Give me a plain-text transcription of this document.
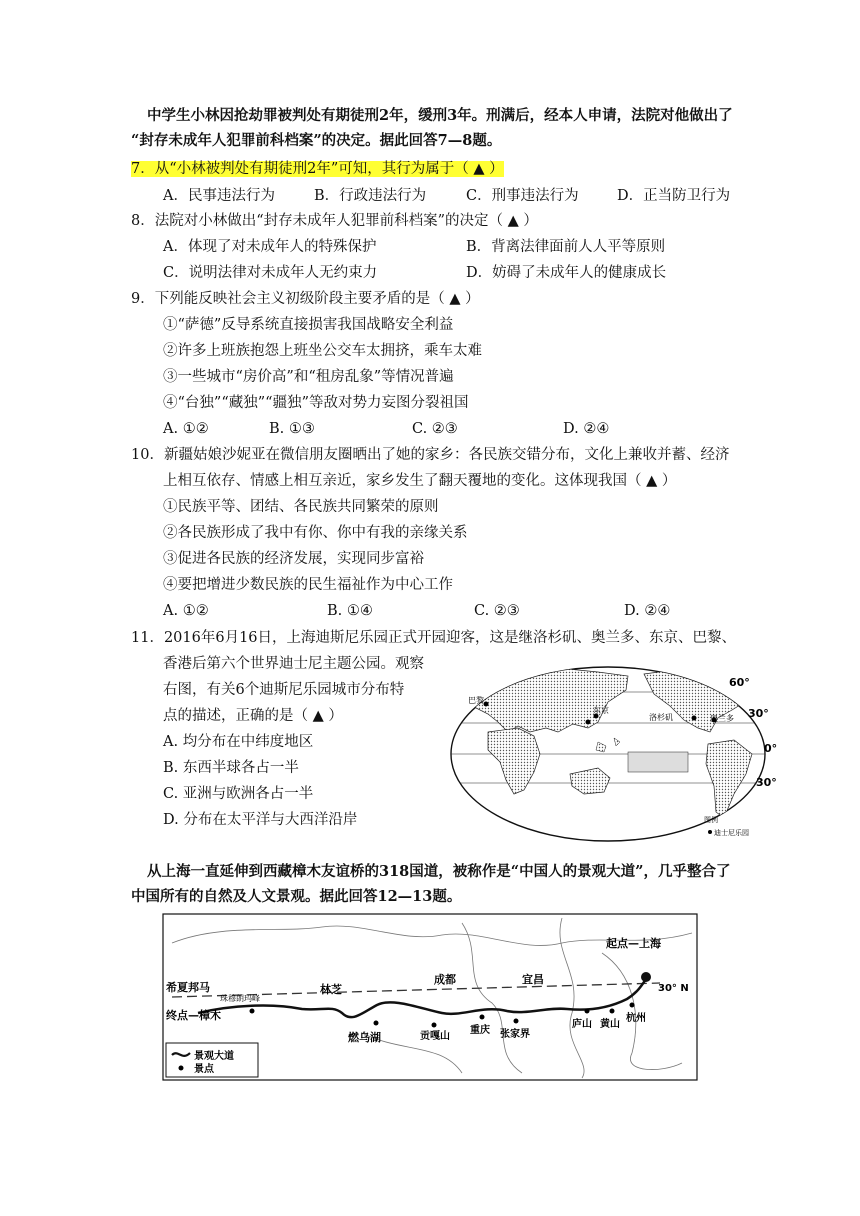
中学生小林因抢劫罪被判处有期徒刑2年，缓刑3年。刑满后，经本人申请，法院对他做出了
“封存未成年人犯罪前科档案”的决定。据此回答7—8题。
7．从“小林被判处有期徒刑2年”可知，其行为属于（ ▲ ）
A．民事违法行为	B．行政违法行为	C．刑事违法行为	D．正当防卫行为
8．法院对小林做出“封存未成年人犯罪前科档案”的决定（ ▲ ）
A．体现了对未成年人的特殊保护	B．背离法律面前人人平等原则
C．说明法律对未成年人无约束力	D．妨碍了未成年人的健康成长
9．下列能反映社会主义初级阶段主要矛盾的是（ ▲ ）
①“萨德”反导系统直接损害我国战略安全利益
②许多上班族抱怨上班坐公交车太拥挤，乘车太难
③一些城市“房价高”和“租房乱象”等情况普遍
④“台独”“藏独”“疆独”等敌对势力妄图分裂祖国
A. ①②	B. ①③	C. ②③	D. ②④
10．新疆姑娘沙妮亚在微信朋友圈晒出了她的家乡：各民族交错分布，文化上兼收并蓄、经济
上相互依存、情感上相互亲近，家乡发生了翻天覆地的变化。这体现我国（ ▲ ）
①民族平等、团结、各民族共同繁荣的原则
②各民族形成了我中有你、你中有我的亲缘关系
③促进各民族的经济发展，实现同步富裕
④要把增进少数民族的民生福祉作为中心工作
A. ①②	B. ①④	C. ②③	D. ②④
11．2016年6月16日，上海迪斯尼乐园正式开园迎客，这是继洛杉矶、奥兰多、东京、巴黎、
香港后第六个世界迪士尼主题公园。观察
右图，有关6个迪斯尼乐园城市分布特
点的描述，正确的是（ ▲ ）
A. 均分布在中纬度地区
B. 东西半球各占一半
C. 亚洲与欧洲各占一半
D. 分布在太平洋与大西洋沿岸
巴黎
东京
洛杉矶	奥兰多
60°
30°
0°
30°
图例
迪士尼乐园
从上海一直延伸到西藏樟木友谊桥的318国道，被称作是“中国人的景观大道”，几乎整合了
中国所有的自然及人文景观。据此回答12—13题。
希夏邦马
珠穆朗玛峰
终点—樟木
林芝
成都	宜昌
起点—上海
燃乌湖	贡嘎山
重庆 张家界
庐山 黄山
杭州
30° N
景观大道
景点
